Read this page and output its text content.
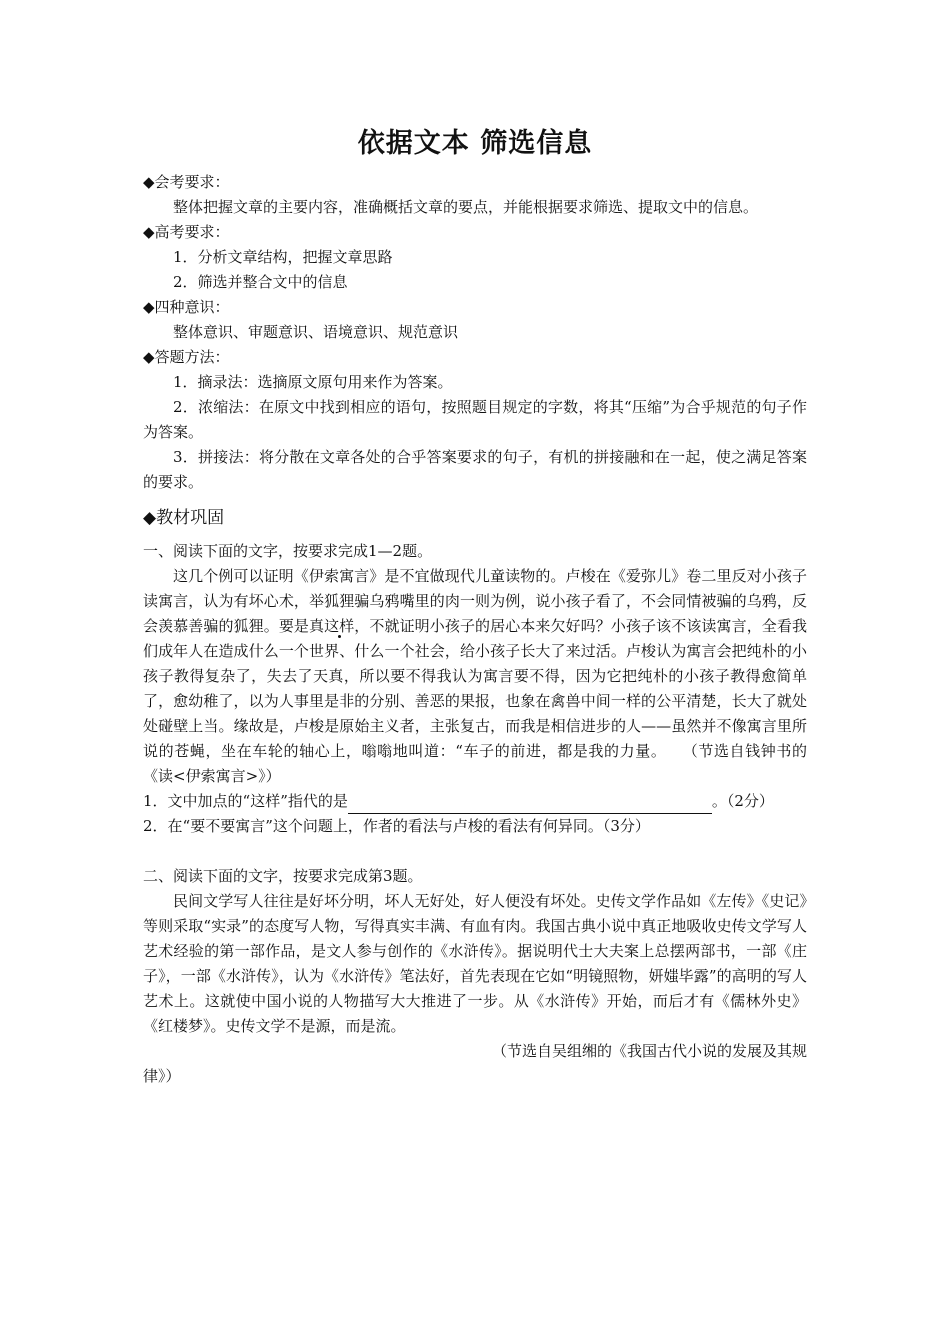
依据文本 筛选信息

◆会考要求：

整体把握文章的主要内容，准确概括文章的要点，并能根据要求筛选、提取文中的信息。

◆高考要求：

1．分析文章结构，把握文章思路

2．筛选并整合文中的信息

◆四种意识：

整体意识、审题意识、语境意识、规范意识

◆答题方法：

1．摘录法：选摘原文原句用来作为答案。

2．浓缩法：在原文中找到相应的语句，按照题目规定的字数，将其“压缩”为合乎规范的句子作为答案。

3．拼接法：将分散在文章各处的合乎答案要求的句子，有机的拼接融和在一起，使之满足答案的要求。

◆教材巩固

一、阅读下面的文字，按要求完成1—2题。

这几个例可以证明《伊索寓言》是不宜做现代儿童读物的。卢梭在《爱弥儿》卷二里反对小孩子读寓言，认为有坏心术，举狐狸骗乌鸦嘴里的肉一则为例，说小孩子看了，不会同情被骗的乌鸦，反会羡慕善骗的狐狸。要是真这样，不就证明小孩子的居心本来欠好吗？小孩子该不该读寓言，全看我们成年人在造成什么一个世界、什么一个社会，给小孩子长大了来过活。卢梭认为寓言会把纯朴的小孩子教得复杂了，失去了天真，所以要不得我认为寓言要不得，因为它把纯朴的小孩子教得愈简单了，愈幼稚了，以为人事里是非的分别、善恶的果报，也象在禽兽中间一样的公平清楚，长大了就处处碰壁上当。缘故是，卢梭是原始主义者，主张复古，而我是相信进步的人——虽然并不像寓言里所说的苍蝇，坐在车轮的轴心上，嗡嗡地叫道：“车子的前进，都是我的力量。　　（节选自钱钟书的《读<伊索寓言>》）

1．文中加点的“这样”指代的是	。（2分）

2．在“要不要寓言”这个问题上，作者的看法与卢梭的看法有何异同。（3分）

二、阅读下面的文字，按要求完成第3题。

民间文学写人往往是好坏分明，坏人无好处，好人便没有坏处。史传文学作品如《左传》《史记》等则采取“实录”的态度写人物，写得真实丰满、有血有肉。我国古典小说中真正地吸收史传文学写人艺术经验的第一部作品，是文人参与创作的《水浒传》。据说明代士大夫案上总摆两部书，一部《庄子》，一部《水浒传》，认为《水浒传》笔法好，首先表现在它如“明镜照物，妍媸毕露”的高明的写人艺术上。这就使中国小说的人物描写大大推进了一步。从《水浒传》开始，而后才有《儒林外史》《红楼梦》。史传文学不是源，而是流。

（节选自吴组缃的《我国古代小说的发展及其规

律》）
